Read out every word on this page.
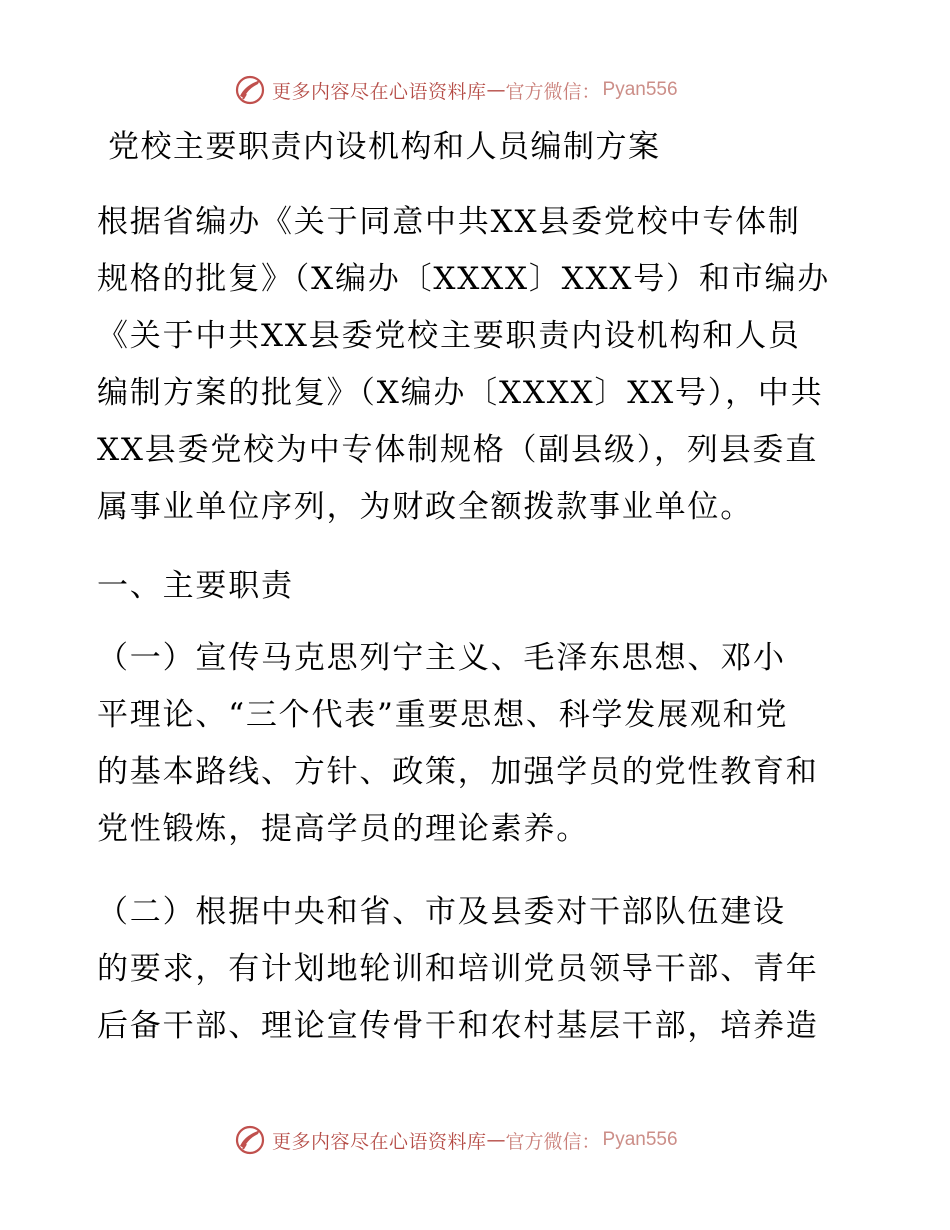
更多内容尽在心语资料库 — 官方微信： Pyan556
党校主要职责内设机构和人员编制方案
根据省编办《关于同意中共XX县委党校中专体制
规格的批复》（X编办〔XXXX〕XXX号）和市编办
《关于中共XX县委党校主要职责内设机构和人员
编制方案的批复》（X编办〔XXXX〕XX号），中共
XX县委党校为中专体制规格（副县级），列县委直
属事业单位序列，为财政全额拨款事业单位。
一、主要职责
（一）宣传马克思列宁主义、毛泽东思想、邓小
平理论、“三个代表”重要思想、科学发展观和党
的基本路线、方针、政策，加强学员的党性教育和
党性锻炼，提高学员的理论素养。
（二）根据中央和省、市及县委对干部队伍建设
的要求，有计划地轮训和培训党员领导干部、青年
后备干部、理论宣传骨干和农村基层干部，培养造
更多内容尽在心语资料库 — 官方微信： Pyan556
